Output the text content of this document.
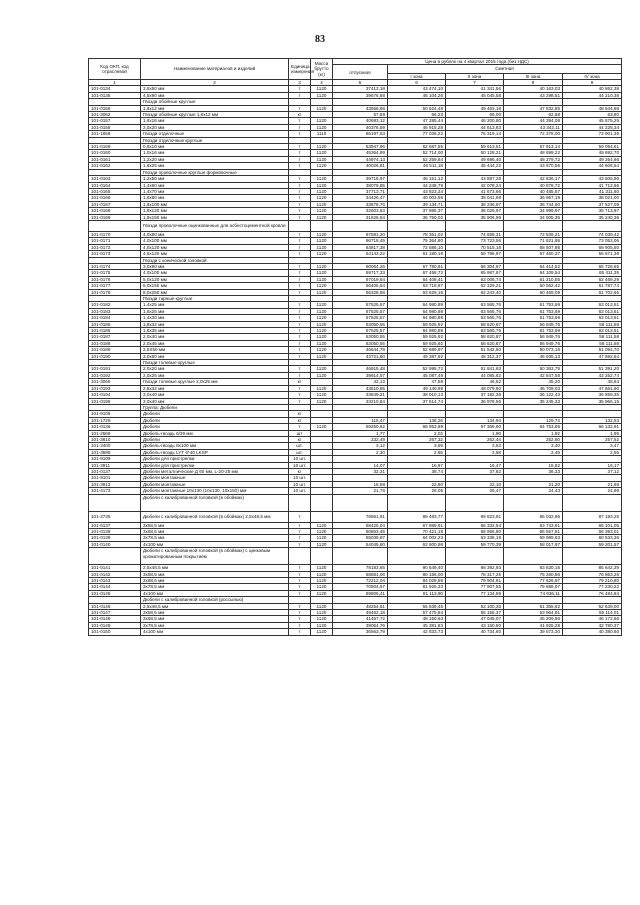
83
Код ОКП, код отраслевой	Наименование материалов и изделий	Единица измерения	Масса брутто (кг)	Цена в рублях на 4 квартал 2015 года (без НДС)				
				отпускная	Сметная			
					I зона	II зона	III зона	IV зона
1	2	3	4	5	6	7	8	9
101-0134	3,5х50 мм	т	1120	37413,18	43 474,10	41 341,56	40 163,03	40 862,38
101-0135	4,5х90 мм	т	1120	39676,68	46 104,26	45 045,58	43 298,51	44 210,38
	Гвозди обойные круглые							
101-0156	1,6х12 мм	т	1120	43566,68	50 624,49	49 463,18	47 532,85	48 544,88
101-3062	Гвозди обойные круглые 1,6х12 мм	кг		57,59	66,23	65,00	62,58	63,80
101-0157	1,6х16 мм	т	1120	40693,12	47 285,44	46 200,80	44 394,08	45 575,25
101-0158	2,0х20 мм	т	1120	40376,59	46 915,28	44 613,83	43 342,11	44 228,34
101-1656	Гвозди отделочные	т	1110	66197,63	77 036,22	75 319,14	72 378,00	73 901,39
	Гвозди отделочные круглые							
101-0159	0,8х10 мм	т	1120	53947,96	62 687,55	59 613,51	57 913,14	59 094,61
101-0160	1,0х16 мм	т	1120	45364,89	52 714,00	50 128,21	48 699,22	49 692,70
101-0161	1,2х20 мм	т	1120	44974,13	52 259,84	49 696,40	48 279,72	49 264,66
101-0162	1,6х25 мм	т	1120	40026,81	46 511,18	45 444,22	43 670,56	44 606,54
	Гвозди проволочные круглые формовочные							
101-0163	1,2х50 мм	т	1120	39716,97	46 151,12	43 887,28	42 636,17	43 505,96
101-0164	1,4х60 мм	т	1120	38079,85	44 248,79	42 078,24	40 878,72	41 712,66
101-0165	1,4х70 мм	т	1120	37713,71	43 823,34	41 673,66	40 485,67	41 311,60
101-0166	1,6х80 мм	т	1120	34426,47	40 003,56	38 041,69	36 957,19	38 021,00
101-0167	1,6х100 мм	т	1120	33678,76	39 134,71	38 236,97	36 744,60	37 527,09
101-0168	1,8х120 мм	т	1120	32603,63	37 885,37	36 026,97	34 999,97	35 713,97
101-0169	1,8х150 мм	т	1120	31626,54	36 750,02	35 906,99	34 505,35	35 240,36
	Гвозди проволочные оцинкованные для асбестоцементной кровли							
101-0170	4,0х80 мм	т	1120	67591,20	78 351,02	74 658,31	72 539,21	74 039,42
101-0171	4,0х100 мм	т	1120	66718,45	75 364,80	73 723,56	71 621,95	73 053,06
101-0172	4,0х120 мм	т	1120	63817,38	72 686,10	70 515,18	68 507,95	69 905,50
101-0173	4,5х120 мм	т	1120	54143,22	61 180,19	59 796,97	57 460,37	58 671,39
	Гвозди с конической головкой							
101-0174	3,0х90 мм	т	1120	60064,26	67 780,61	66 304,67	64 414,52	65 726,65
101-0175	4,0х100 мм	т	1120	59717,33	67 458,72	65 987,67	64 109,54	65 411,35
101-0176	5,0х120 мм	т	1120	57019,64	64 408,41	63 006,74	61 210,55	62 459,29
101-0177	6,0х150 мм	т	1120	56405,54	63 718,87	62 329,21	60 552,42	61 787,74
101-0178	8,0х250 мм	т	1120	56328,68	63 629,16	62 243,40	60 469,09	61 702,66
	Гвозди тарные круглые							
101-0182	1,4х25 мм	т	1120	57525,57	64 980,89	63 565,76	61 753,69	63 013,51
101-0183	1,6х25 мм	т	1120	57525,57	64 980,89	63 565,76	61 753,69	63 013,51
101-0184	1,4х30 мм	т	1120	57525,57	64 980,89	63 565,76	61 753,69	63 013,51
101-0185	1,8х32 мм	т	1120	53050,55	59 925,92	58 620,87	56 949,76	58 111,58
101-0186	1,6х35 мм	т	1120	57525,57	64 980,89	63 565,76	61 753,69	63 013,51
101-0187	2,0х40 мм	т	1120	53050,55	59 925,92	58 620,87	56 949,76	58 111,58
101-0188	2,0х45 мм	т	1120	53050,55	59 925,92	58 620,87	56 949,76	58 111,58
101-0189	2,5Х50 мм	т	1120	46644,79	52 689,97	51 542,50	50 073,16	51 094,70
101-0190	3,0х60 мм	т	1120	43721,60	49 387,92	48 312,37	46 935,13	47 892,64
	Гвозди толевые круглые							
101-0191	2,0х20 мм	т	1120	46915,48	52 995,72	51 841,63	50 363,75	51 391,20
101-0192	2,0х25 мм	т	1120	39914,57	45 087,49	44 085,62	42 847,58	43 252,74
101-3065	Гвозди толевые круглые 2,0х25 мм	кг		42,12	47,58	46,52	45,20	45,64
101-0193	2,5х32 мм	т	1120	43510,65	49 149,99	48 079,60	46 709,03	47 661,90
101-0194	3,0х40 мм	т	1120	33849,21	38 010,13	37 182,36	36 122,43	36 859,35
101-0195	3,0х40 мм	т	1120	33210,84	37 514,74	36 978,56	35 245,33	35 966,15
	Группа: Дюбели							
101-9108	Дюбели	кг						
101-1729	Дюбели	кг		115,47	138,26	134,94	129,74	132,53
101-0136	Дюбели	т	1120	59250,62	68 953,89	67 369,60	64 753,65	66 132,91
101-2569	Дюбель-гвоздь 6/39 мм	шт		1,77	2,02	1,99	1,92	1,95
101-3610	Дюбели	кг		232,49	267,32	262,44	252,60	257,52
101-3400	Дюбель-гвоздь 8х100 мм	шт.		3,12	3,59	3,53	3,40	3,47
101-3595	Дюбель-гвоздь LYT 6*40 LKSP	шт.		2,30	2,65	2,58	2,49	2,55
101-9109	Дюбели для пристрелки	10 шт.						
101-3911	Дюбели для пристрелки	10 шт.		14,07	16,87	16,47	15,82	16,17
101-0137	Дюбели металлические Д 60 мм, L-20-25 мм	кг		32,31	38,74	37,82	36,33	37,12
101-9101	Дюбели монтажные	10 шт.						
101-3913	Дюбели монтажные	10 шт.		18,68	22,80	22,10	21,20	21,68
101-4173	Дюбели монтажные 10х130 (10х130, 10х150) мм	10 шт.		21,76	26,05	25,47	24,43	24,99
	Дюбели с калиброванной головкой (в обоймах)							
101-2735	Дюбели с калиброванной головкой (в обоймах) 2,5х48,5 мм	т		76661,91	89 483,77	89 823,91	86 032,96	87 193,25
101-0137	3х58,5 мм	т	1120	58425,04	67 889,91	66 332,54	63 743,61	65 101,05
101-0138	3х68,5 мм	т	1120	60653,45	70 421,19	68 966,80	65 557,81	66 393,01
101-0139	3х78,5 мм	т	1120	55039,87	64 002,23	63 338,19	59 989,63	60 533,36
101-0140	4х100 мм	т	1120	54045,60	62 600,98	59 770,39	58 017,97	59 201,57
	Дюбели с калиброванной головкой (в обоймах) с цинковым хроматированным покрытием							
101-0141	2,5х48,5 мм	т	1120	78183,65	90 649,40	88 392,93	83 630,16	85 642,39
101-0142	3х58,5 мм	т	1120	68681,06	80 156,00	78 317,25	75 260,56	76 863,26
101-0143	3х68,5 мм	т	1120	72212,04	84 028,59	79 904,81	77 626,97	79 210,80
101-0144	3х78,5 мм	т	1120	70504,57	81 925,33	77 907,55	75 686,97	77 230,22
101-0145	4х100 мм	т	1120	69805,41	81 113,90	77 134,59	74 936,11	76 484,84
	Дюбели с калиброванной головкой (россыпью)							
101-0146	2,5х48,5 мм	т	1120	48254,61	55 639,45	53 100,35	51 355,62	52 639,00
101-0147	3х58,5 мм	т	1120	49462,18	57 475,84	56 156,37	53 964,81	55 114,01
101-0148	3х68,5 мм	т	1120	41457,72	48 150,63	47 045,07	45 209,86	46 172,66
101-0149	3х78,5 мм	т	1120	39054,76	45 381,83	43 150,50	41 925,28	42 780,37
101-0150	4х100 мм	т	1120	36563,79	42 833,73	40 734,60	39 573,30	40 380,60
